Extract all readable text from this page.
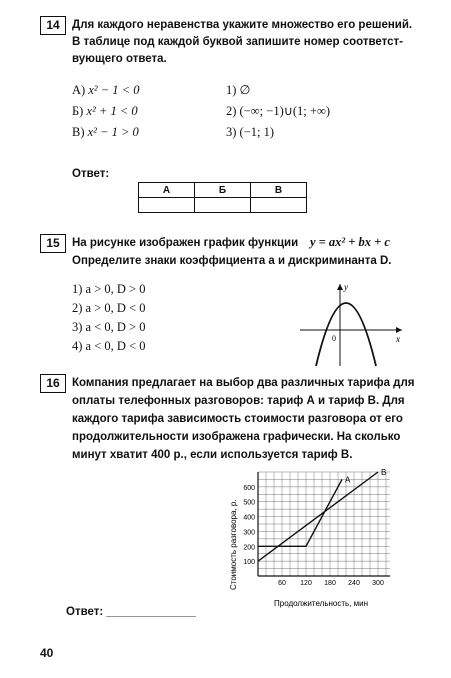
14	Для каждого неравенства укажите множество его решений.
В таблице под каждой буквой запишите номер соответст-
вующего ответа.
А) x² − 1 < 0
Б) x² + 1 < 0
В) x² − 1 > 0
1) ∅
2) (−∞; −1)∪(1; +∞)
3) (−1; 1)
Ответ:
А	Б	В

15	На рисунке изображен график функции y = ax² + bx + c
Определите знаки коэффициента a и дискриминанта D.
1) a > 0, D > 0
2) a > 0, D < 0
3) a < 0, D > 0
4) a < 0, D < 0
y
x
0
16	Компания предлагает на выбор два различных тарифа для
оплаты телефонных разговоров: тариф А и тариф В. Для
каждого тарифа зависимость стоимости разговора от его
продолжительности изображена графически. На сколько
минут хватит 400 р., если используется тариф В.
A
B
100
200
300
400
500
600
60 120 180 240 300
Стоимость разговора, р.
Продолжительность, мин
Ответ: ______________
40
